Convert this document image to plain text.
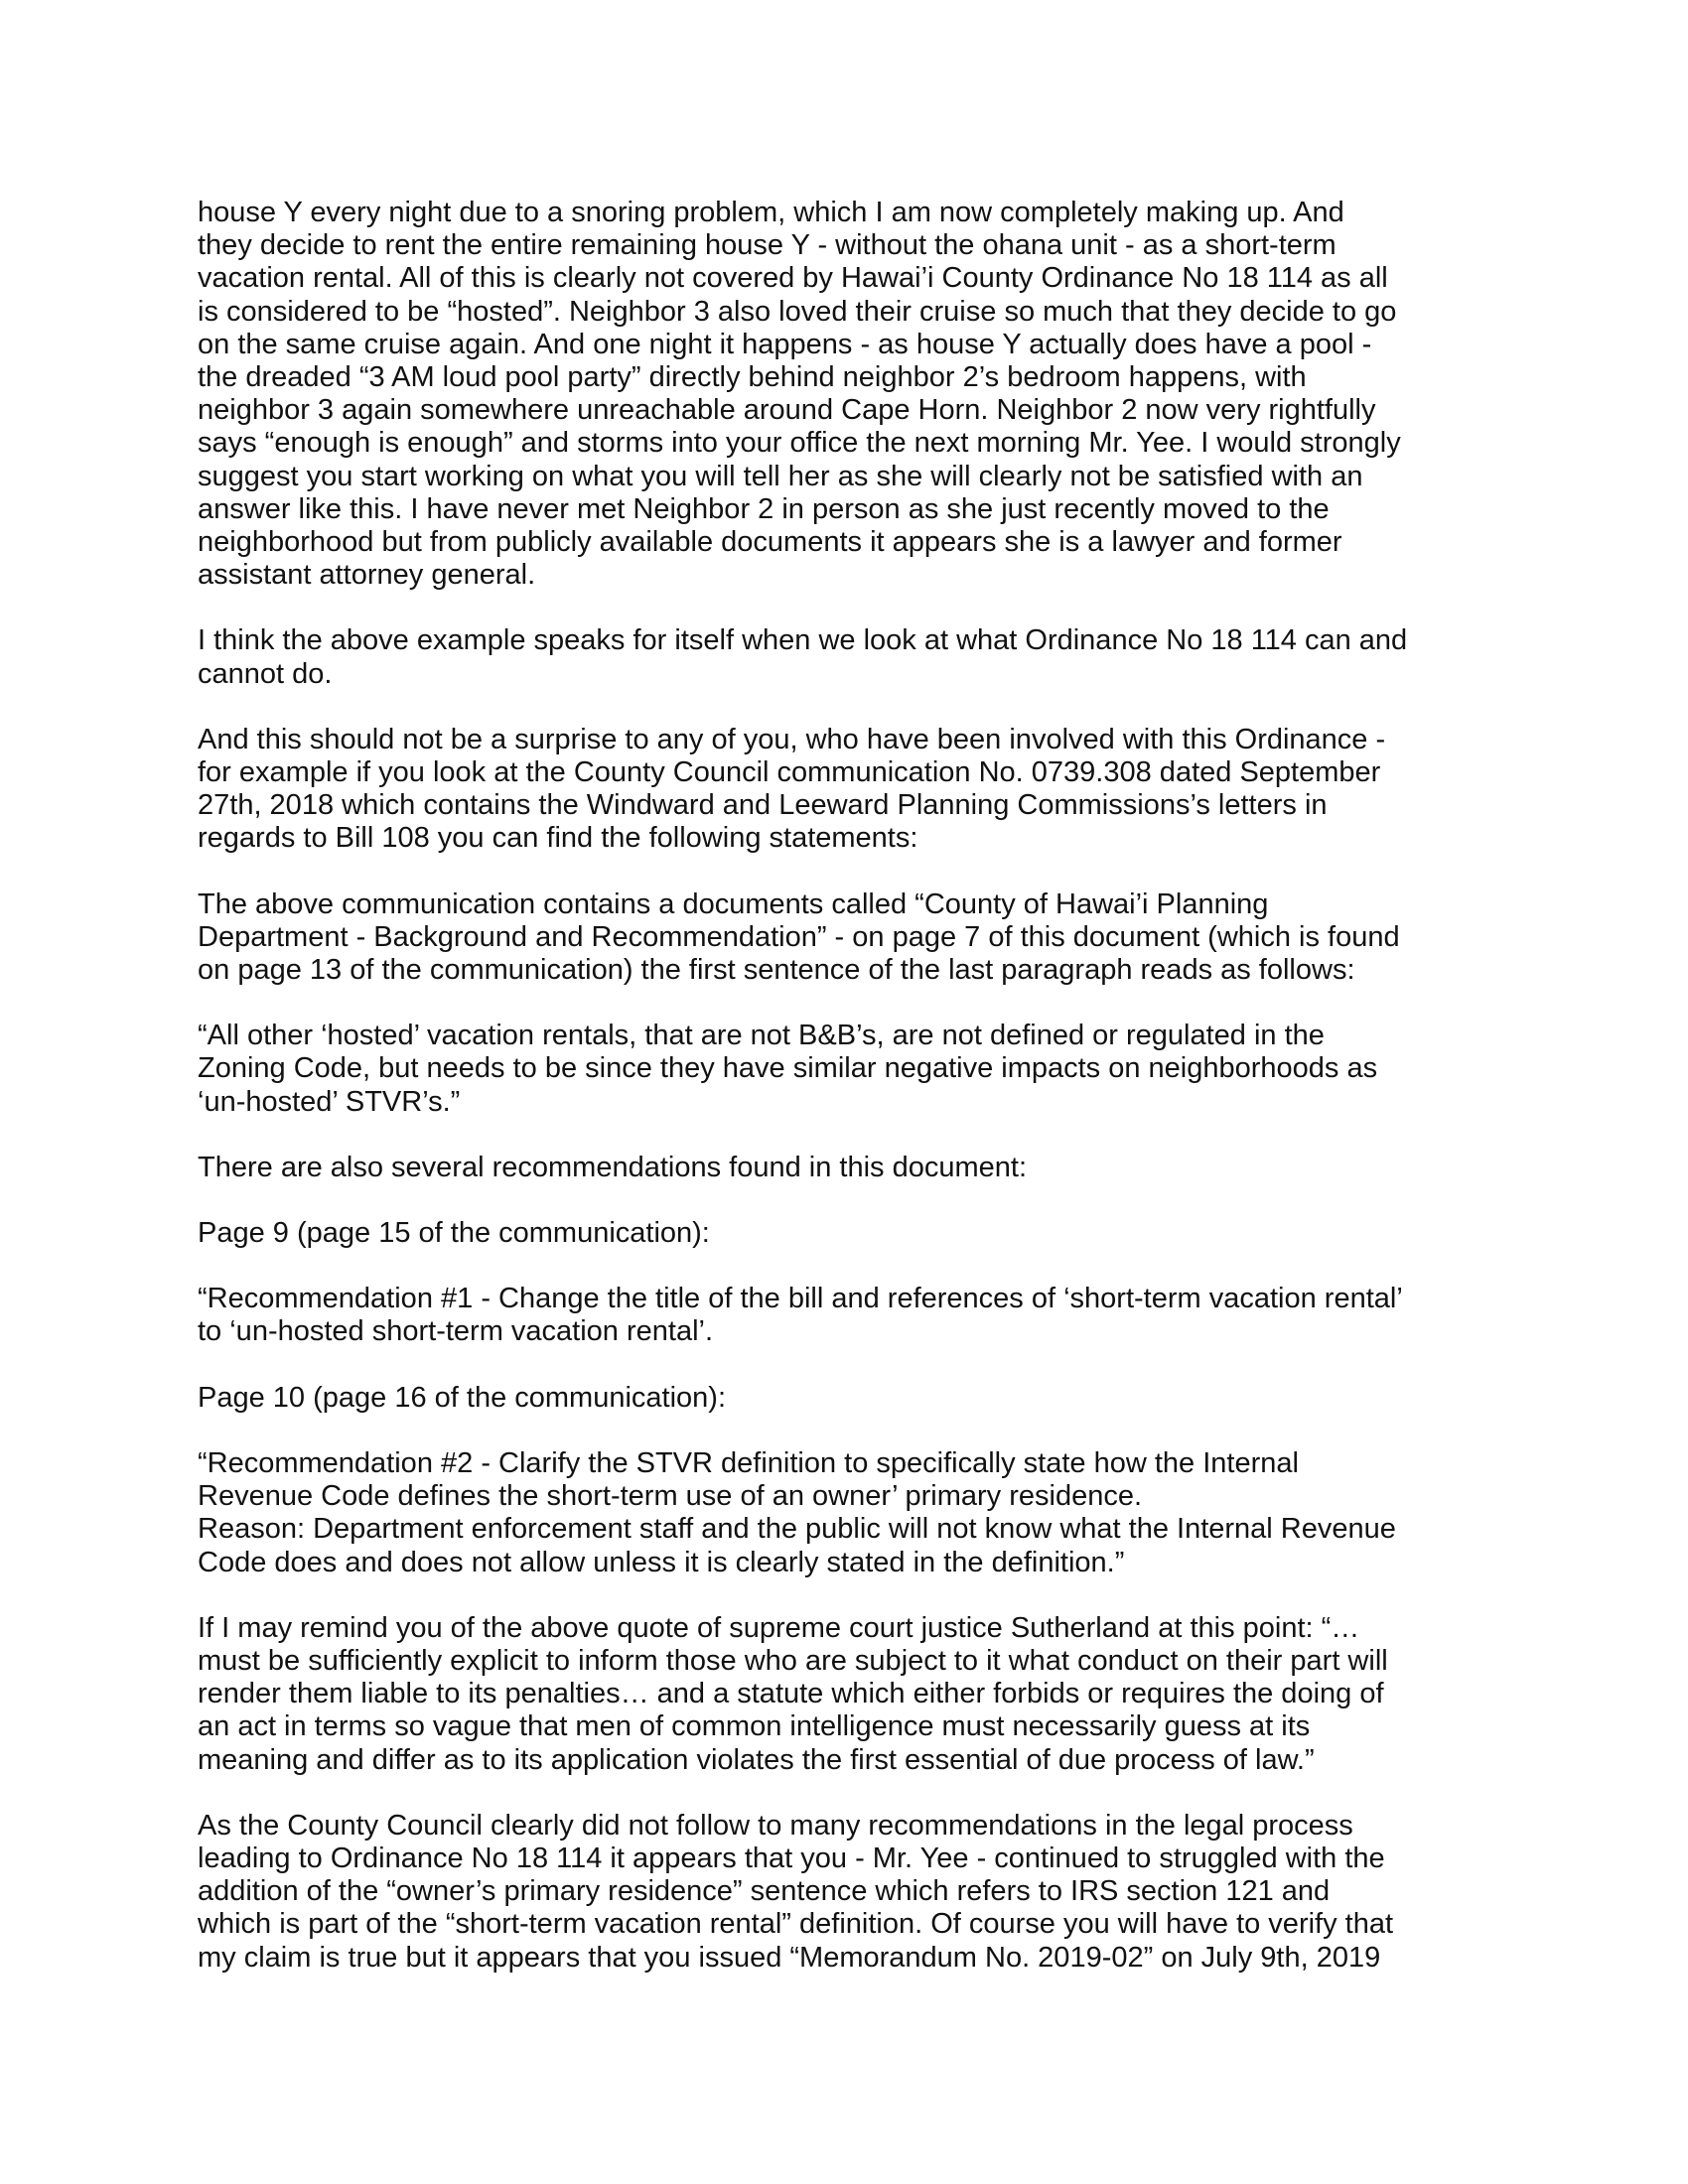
house Y every night due to a snoring problem, which I am now completely making up. And
they decide to rent the entire remaining house Y - without the ohana unit - as a short-term
vacation rental. All of this is clearly not covered by Hawai’i County Ordinance No 18 114 as all
is considered to be “hosted”. Neighbor 3 also loved their cruise so much that they decide to go
on the same cruise again. And one night it happens - as house Y actually does have a pool -
the dreaded “3 AM loud pool party” directly behind neighbor 2’s bedroom happens, with
neighbor 3 again somewhere unreachable around Cape Horn. Neighbor 2 now very rightfully
says “enough is enough” and storms into your office the next morning Mr. Yee. I would strongly
suggest you start working on what you will tell her as she will clearly not be satisfied with an
answer like this. I have never met Neighbor 2 in person as she just recently moved to the
neighborhood but from publicly available documents it appears she is a lawyer and former
assistant attorney general.

I think the above example speaks for itself when we look at what Ordinance No 18 114 can and
cannot do.

And this should not be a surprise to any of you, who have been involved with this Ordinance -
for example if you look at the County Council communication No. 0739.308 dated September
27th, 2018 which contains the Windward and Leeward Planning Commissions’s letters in
regards to Bill 108 you can find the following statements:

The above communication contains a documents called “County of Hawai’i Planning
Department - Background and Recommendation” - on page 7 of this document (which is found
on page 13 of the communication) the first sentence of the last paragraph reads as follows:

“All other ‘hosted’ vacation rentals, that are not B&B’s, are not defined or regulated in the
Zoning Code, but needs to be since they have similar negative impacts on neighborhoods as
‘un-hosted’ STVR’s.”

There are also several recommendations found in this document:

Page 9 (page 15 of the communication):

“Recommendation #1 - Change the title of the bill and references of ‘short-term vacation rental’
to ‘un-hosted short-term vacation rental’.

Page 10 (page 16 of the communication):

“Recommendation #2 - Clarify the STVR definition to specifically state how the Internal
Revenue Code defines the short-term use of an owner’ primary residence.
Reason: Department enforcement staff and the public will not know what the Internal Revenue
Code does and does not allow unless it is clearly stated in the definition.”

If I may remind you of the above quote of supreme court justice Sutherland at this point: “…
must be sufficiently explicit to inform those who are subject to it what conduct on their part will
render them liable to its penalties… and a statute which either forbids or requires the doing of
an act in terms so vague that men of common intelligence must necessarily guess at its
meaning and differ as to its application violates the first essential of due process of law.”

As the County Council clearly did not follow to many recommendations in the legal process
leading to Ordinance No 18 114 it appears that you - Mr. Yee - continued to struggled with the
addition of the “owner’s primary residence” sentence which refers to IRS section 121 and
which is part of the “short-term vacation rental” definition. Of course you will have to verify that
my claim is true but it appears that you issued “Memorandum No. 2019-02” on July 9th, 2019
